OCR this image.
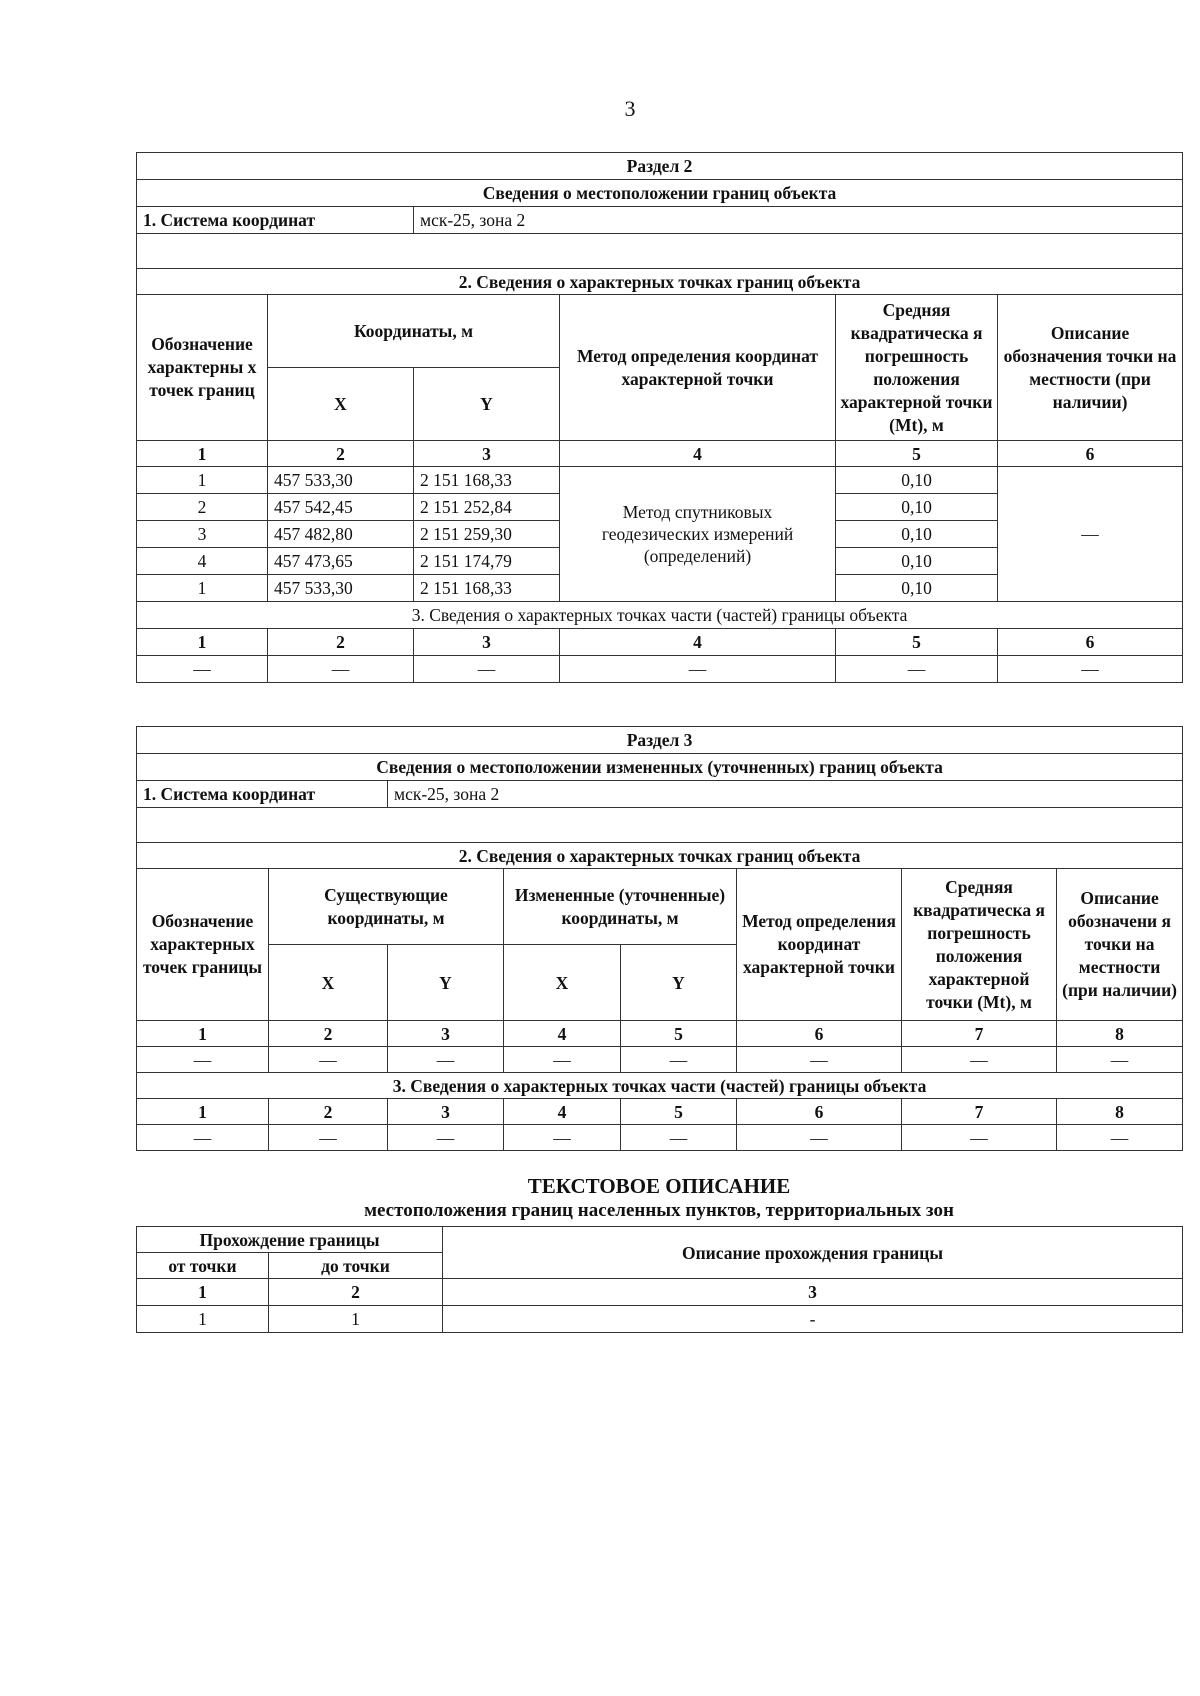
3
Раздел 2					
Сведения о местоположении границ объекта					
1. Система координат		мск-25, зона 2			

2. Сведения о характерных точках границ объекта					
Обозначение характерны х точек границ	Координаты, м		Метод определения координат характерной точки	Средняя квадратическа я погрешность положения характерной точки (Mt), м	Описание обозначения точки на местности (при наличии)
	X	Y			
1	2	3	4	5	6
1	457 533,30	2 151 168,33	Метод спутниковых геодезических измерений (определений)	0,10	—
2	457 542,45	2 151 252,84		0,10	
3	457 482,80	2 151 259,30		0,10	
4	457 473,65	2 151 174,79		0,10	
1	457 533,30	2 151 168,33		0,10	
3. Сведения о характерных точках части (частей) границы объекта					
1	2	3	4	5	6
—	—	—	—	—	—
Раздел 3							
Сведения о местоположении измененных (уточненных) границ объекта							
1. Система координат		мск-25, зона 2					

2. Сведения о характерных точках границ объекта							
Обозначение характерных точек границы	Существующие координаты, м		Измененные (уточненные) координаты, м		Метод определения координат характерной точки	Средняя квадратическа я погрешность положения характерной точки (Mt), м	Описание обозначени я точки на местности (при наличии)
	X	Y	X	Y			
1	2	3	4	5	6	7	8
—	—	—	—	—	—	—	—
3. Сведения о характерных точках части (частей) границы объекта							
1	2	3	4	5	6	7	8
—	—	—	—	—	—	—	—
ТЕКСТОВОЕ ОПИСАНИЕ
местоположения границ населенных пунктов, территориальных зон
Прохождение границы		Описание прохождения границы
от точки	до точки	
1	2	3
1	1	-
